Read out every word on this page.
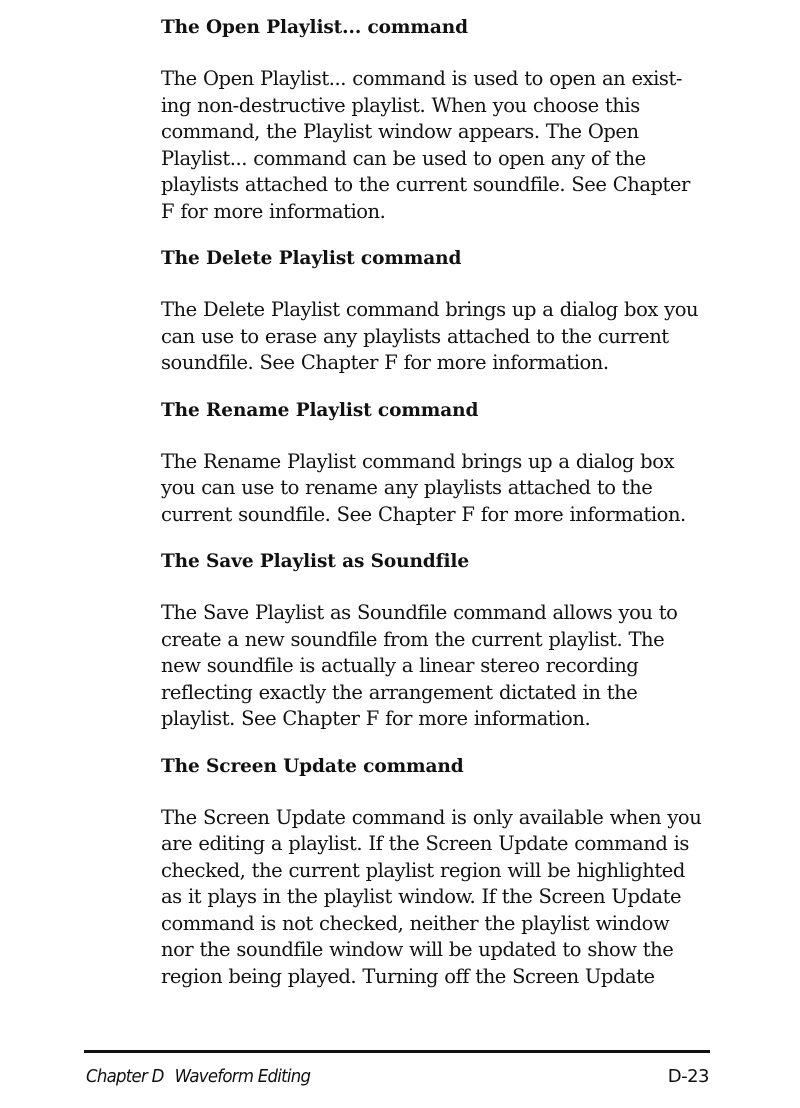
The Open Playlist... command
The Open Playlist... command is used to open an exist-
ing non-destructive playlist. When you choose this
command, the Playlist window appears. The Open
Playlist... command can be used to open any of the
playlists attached to the current soundfile. See Chapter
F for more information.
The Delete Playlist command
The Delete Playlist command brings up a dialog box you
can use to erase any playlists attached to the current
soundfile. See Chapter F for more information.
The Rename Playlist command
The Rename Playlist command brings up a dialog box
you can use to rename any playlists attached to the
current soundfile. See Chapter F for more information.
The Save Playlist as Soundfile
The Save Playlist as Soundfile command allows you to
create a new soundfile from the current playlist. The
new soundfile is actually a linear stereo recording
reflecting exactly the arrangement dictated in the
playlist. See Chapter F for more information.
The Screen Update command
The Screen Update command is only available when you
are editing a playlist. If the Screen Update command is
checked, the current playlist region will be highlighted
as it plays in the playlist window. If the Screen Update
command is not checked, neither the playlist window
nor the soundfile window will be updated to show the
region being played. Turning off the Screen Update
Chapter D Waveform Editing	D-23
